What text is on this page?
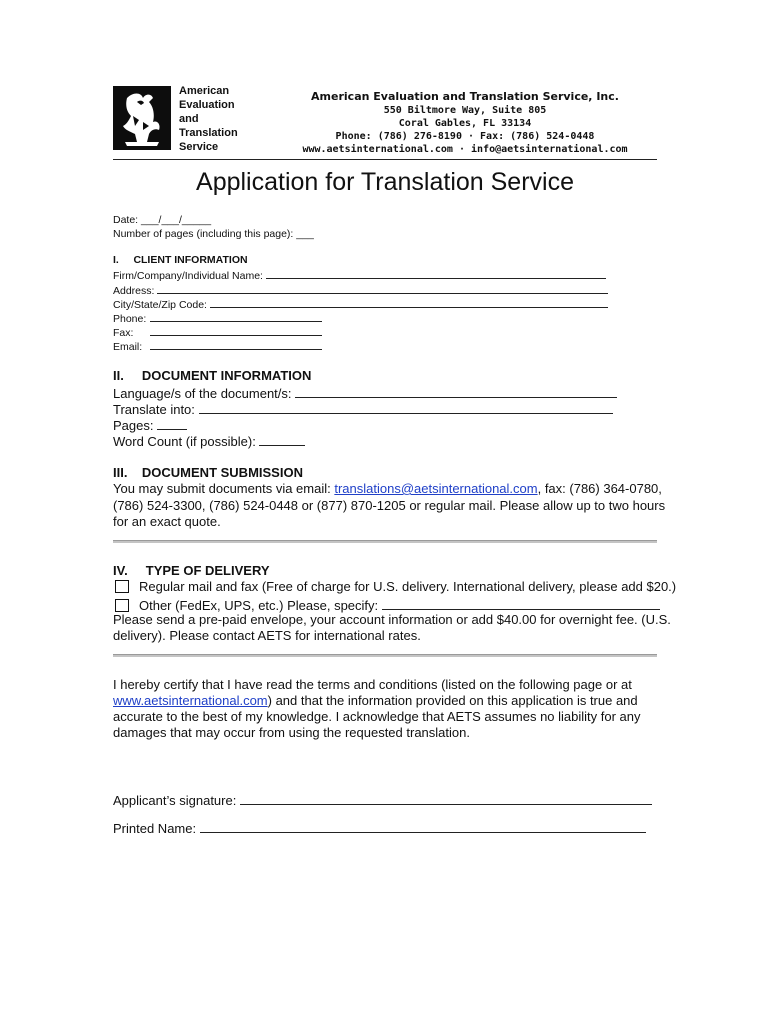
American
Evaluation
and
Translation
Service
American Evaluation and Translation Service, Inc.
550 Biltmore Way, Suite 805
Coral Gables, FL 33134
Phone: (786) 276-8190 · Fax: (786) 524-0448
www.aetsinternational.com · info@aetsinternational.com
Application for Translation Service
Date: ___/___/_____
Number of pages (including this page): ___
I. CLIENT INFORMATION
Firm/Company/Individual Name:
Address:
City/State/Zip Code:
Phone:
Fax:
Email:
II. DOCUMENT INFORMATION
Language/s of the document/s:
Translate into:
Pages:
Word Count (if possible):
III. DOCUMENT SUBMISSION
You may submit documents via email: translations@aetsinternational.com, fax: (786) 364-0780,
(786) 524-3300, (786) 524-0448 or (877) 870-1205 or regular mail. Please allow up to two hours
for an exact quote.
IV. TYPE OF DELIVERY
Regular mail and fax (Free of charge for U.S. delivery. International delivery, please add $20.)
Other (FedEx, UPS, etc.) Please, specify:
Please send a pre-paid envelope, your account information or add $40.00 for overnight fee. (U.S.
delivery). Please contact AETS for international rates.
I hereby certify that I have read the terms and conditions (listed on the following page or at
www.aetsinternational.com) and that the information provided on this application is true and
accurate to the best of my knowledge. I acknowledge that AETS assumes no liability for any
damages that may occur from using the requested translation.
Applicant’s signature:
Printed Name:
